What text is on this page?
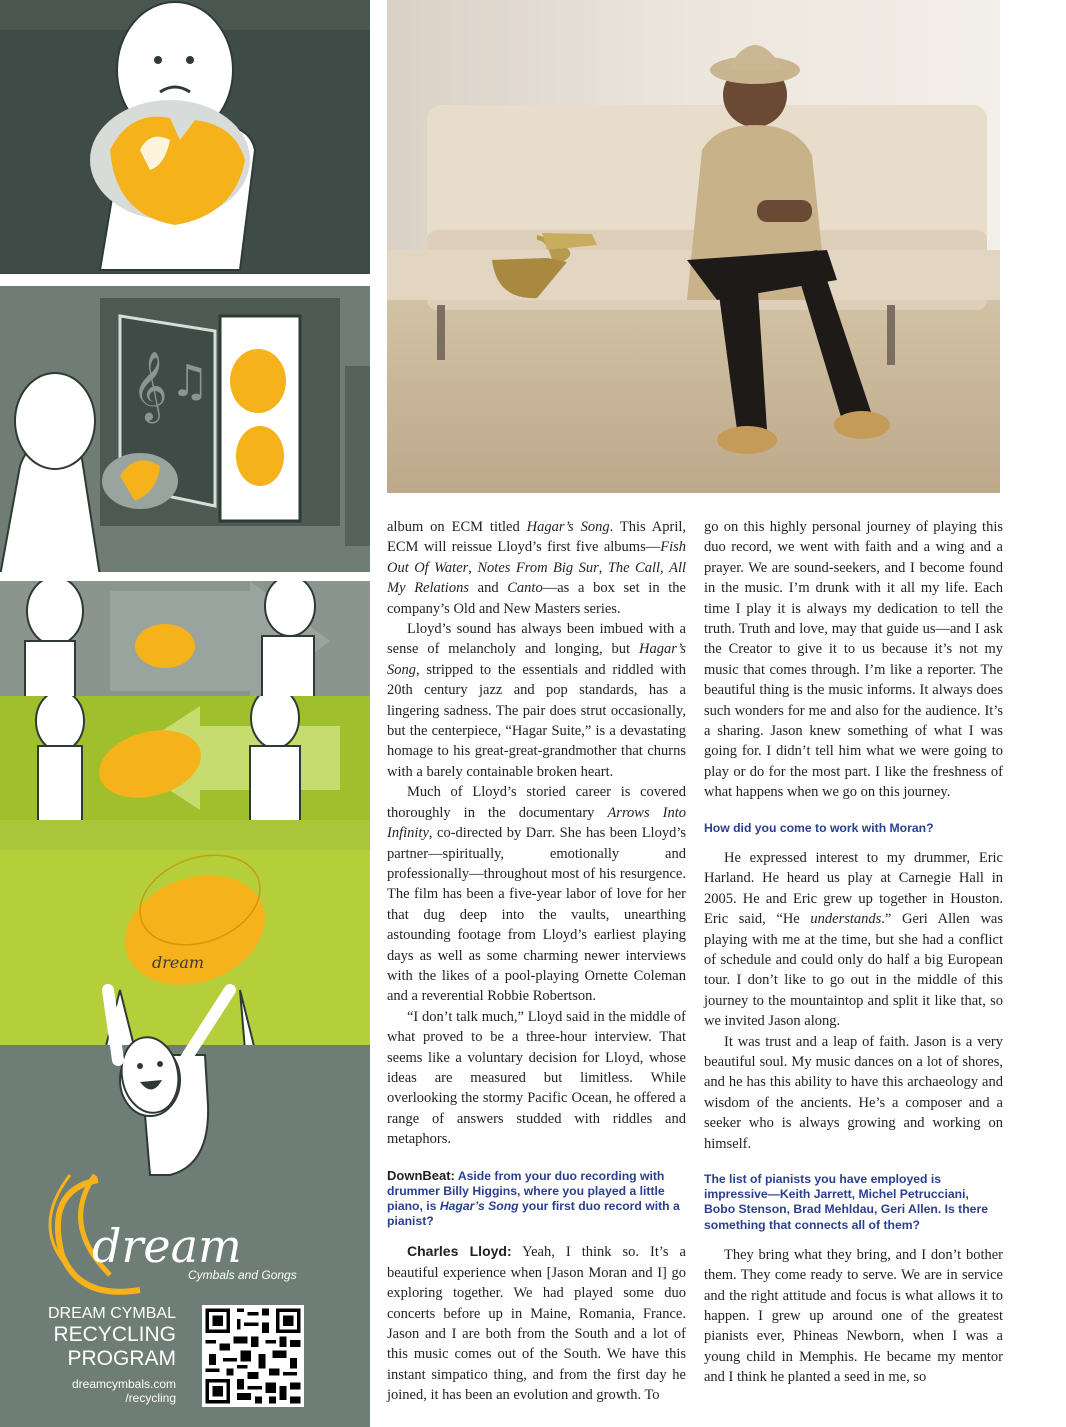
𝄞 ♫
Cymbals and Gongs
DREAM CYMBAL
RECYCLING
PROGRAM
dreamcymbals.com
/recycling
dream
dream

album on ECM titled Hagar’s Song. This April, ECM will reissue Lloyd’s first five albums—Fish Out Of Water, Notes From Big Sur, The Call, All My Relations and Canto—as a box set in the company’s Old and New Masters series.

Lloyd’s sound has always been imbued with a sense of melancholy and longing, but Hagar’s Song, stripped to the essentials and riddled with 20th century jazz and pop standards, has a lingering sadness. The pair does strut occasionally, but the centerpiece, “Hagar Suite,” is a devastating homage to his great-great-grandmother that churns with a barely containable broken heart.

Much of Lloyd’s storied career is covered thoroughly in the documentary Arrows Into Infinity, co-directed by Darr. She has been Lloyd’s partner—spiritually, emotionally and professionally—throughout most of his resurgence. The film has been a five-year labor of love for her that dug deep into the vaults, unearthing astounding footage from Lloyd’s earliest playing days as well as some charming newer interviews with the likes of a pool-playing Ornette Coleman and a reverential Robbie Robertson.

“I don’t talk much,” Lloyd said in the middle of what proved to be a three-hour interview. That seems like a voluntary decision for Lloyd, whose ideas are measured but limitless. While overlooking the stormy Pacific Ocean, he offered a range of answers studded with riddles and metaphors.

DownBeat: Aside from your duo recording with drummer Billy Higgins, where you played a little piano, is Hagar’s Song your first duo record with a pianist?

Charles Lloyd: Yeah, I think so. It’s a beautiful experience when [Jason Moran and I] go exploring together. We had played some duo concerts before up in Maine, Romania, France. Jason and I are both from the South and a lot of this music comes out of the South. We have this instant simpatico thing, and from the first day he joined, it has been an evolution and growth. To

go on this highly personal journey of playing this duo record, we went with faith and a wing and a prayer. We are sound-seekers, and I become found in the music. I’m drunk with it all my life. Each time I play it is always my dedication to tell the truth. Truth and love, may that guide us—and I ask the Creator to give it to us because it’s not my music that comes through. I’m like a reporter. The beautiful thing is the music informs. It always does such wonders for me and also for the audience. It’s a sharing. Jason knew something of what I was going for. I didn’t tell him what we were going to play or do for the most part. I like the freshness of what happens when we go on this journey.

How did you come to work with Moran?

He expressed interest to my drummer, Eric Harland. He heard us play at Carnegie Hall in 2005. He and Eric grew up together in Houston. Eric said, “He understands.” Geri Allen was playing with me at the time, but she had a conflict of schedule and could only do half a big European tour. I don’t like to go out in the middle of this journey to the mountaintop and split it like that, so we invited Jason along.

It was trust and a leap of faith. Jason is a very beautiful soul. My music dances on a lot of shores, and he has this ability to have this archaeology and wisdom of the ancients. He’s a composer and a seeker who is always growing and working on himself.

The list of pianists you have employed is impressive—Keith Jarrett, Michel Petrucciani, Bobo Stenson, Brad Mehldau, Geri Allen. Is there something that connects all of them?

They bring what they bring, and I don’t bother them. They come ready to serve. We are in service and the right attitude and focus is what allows it to happen. I grew up around one of the greatest pianists ever, Phineas Newborn, when I was a young child in Memphis. He became my mentor and I think he planted a seed in me, so
